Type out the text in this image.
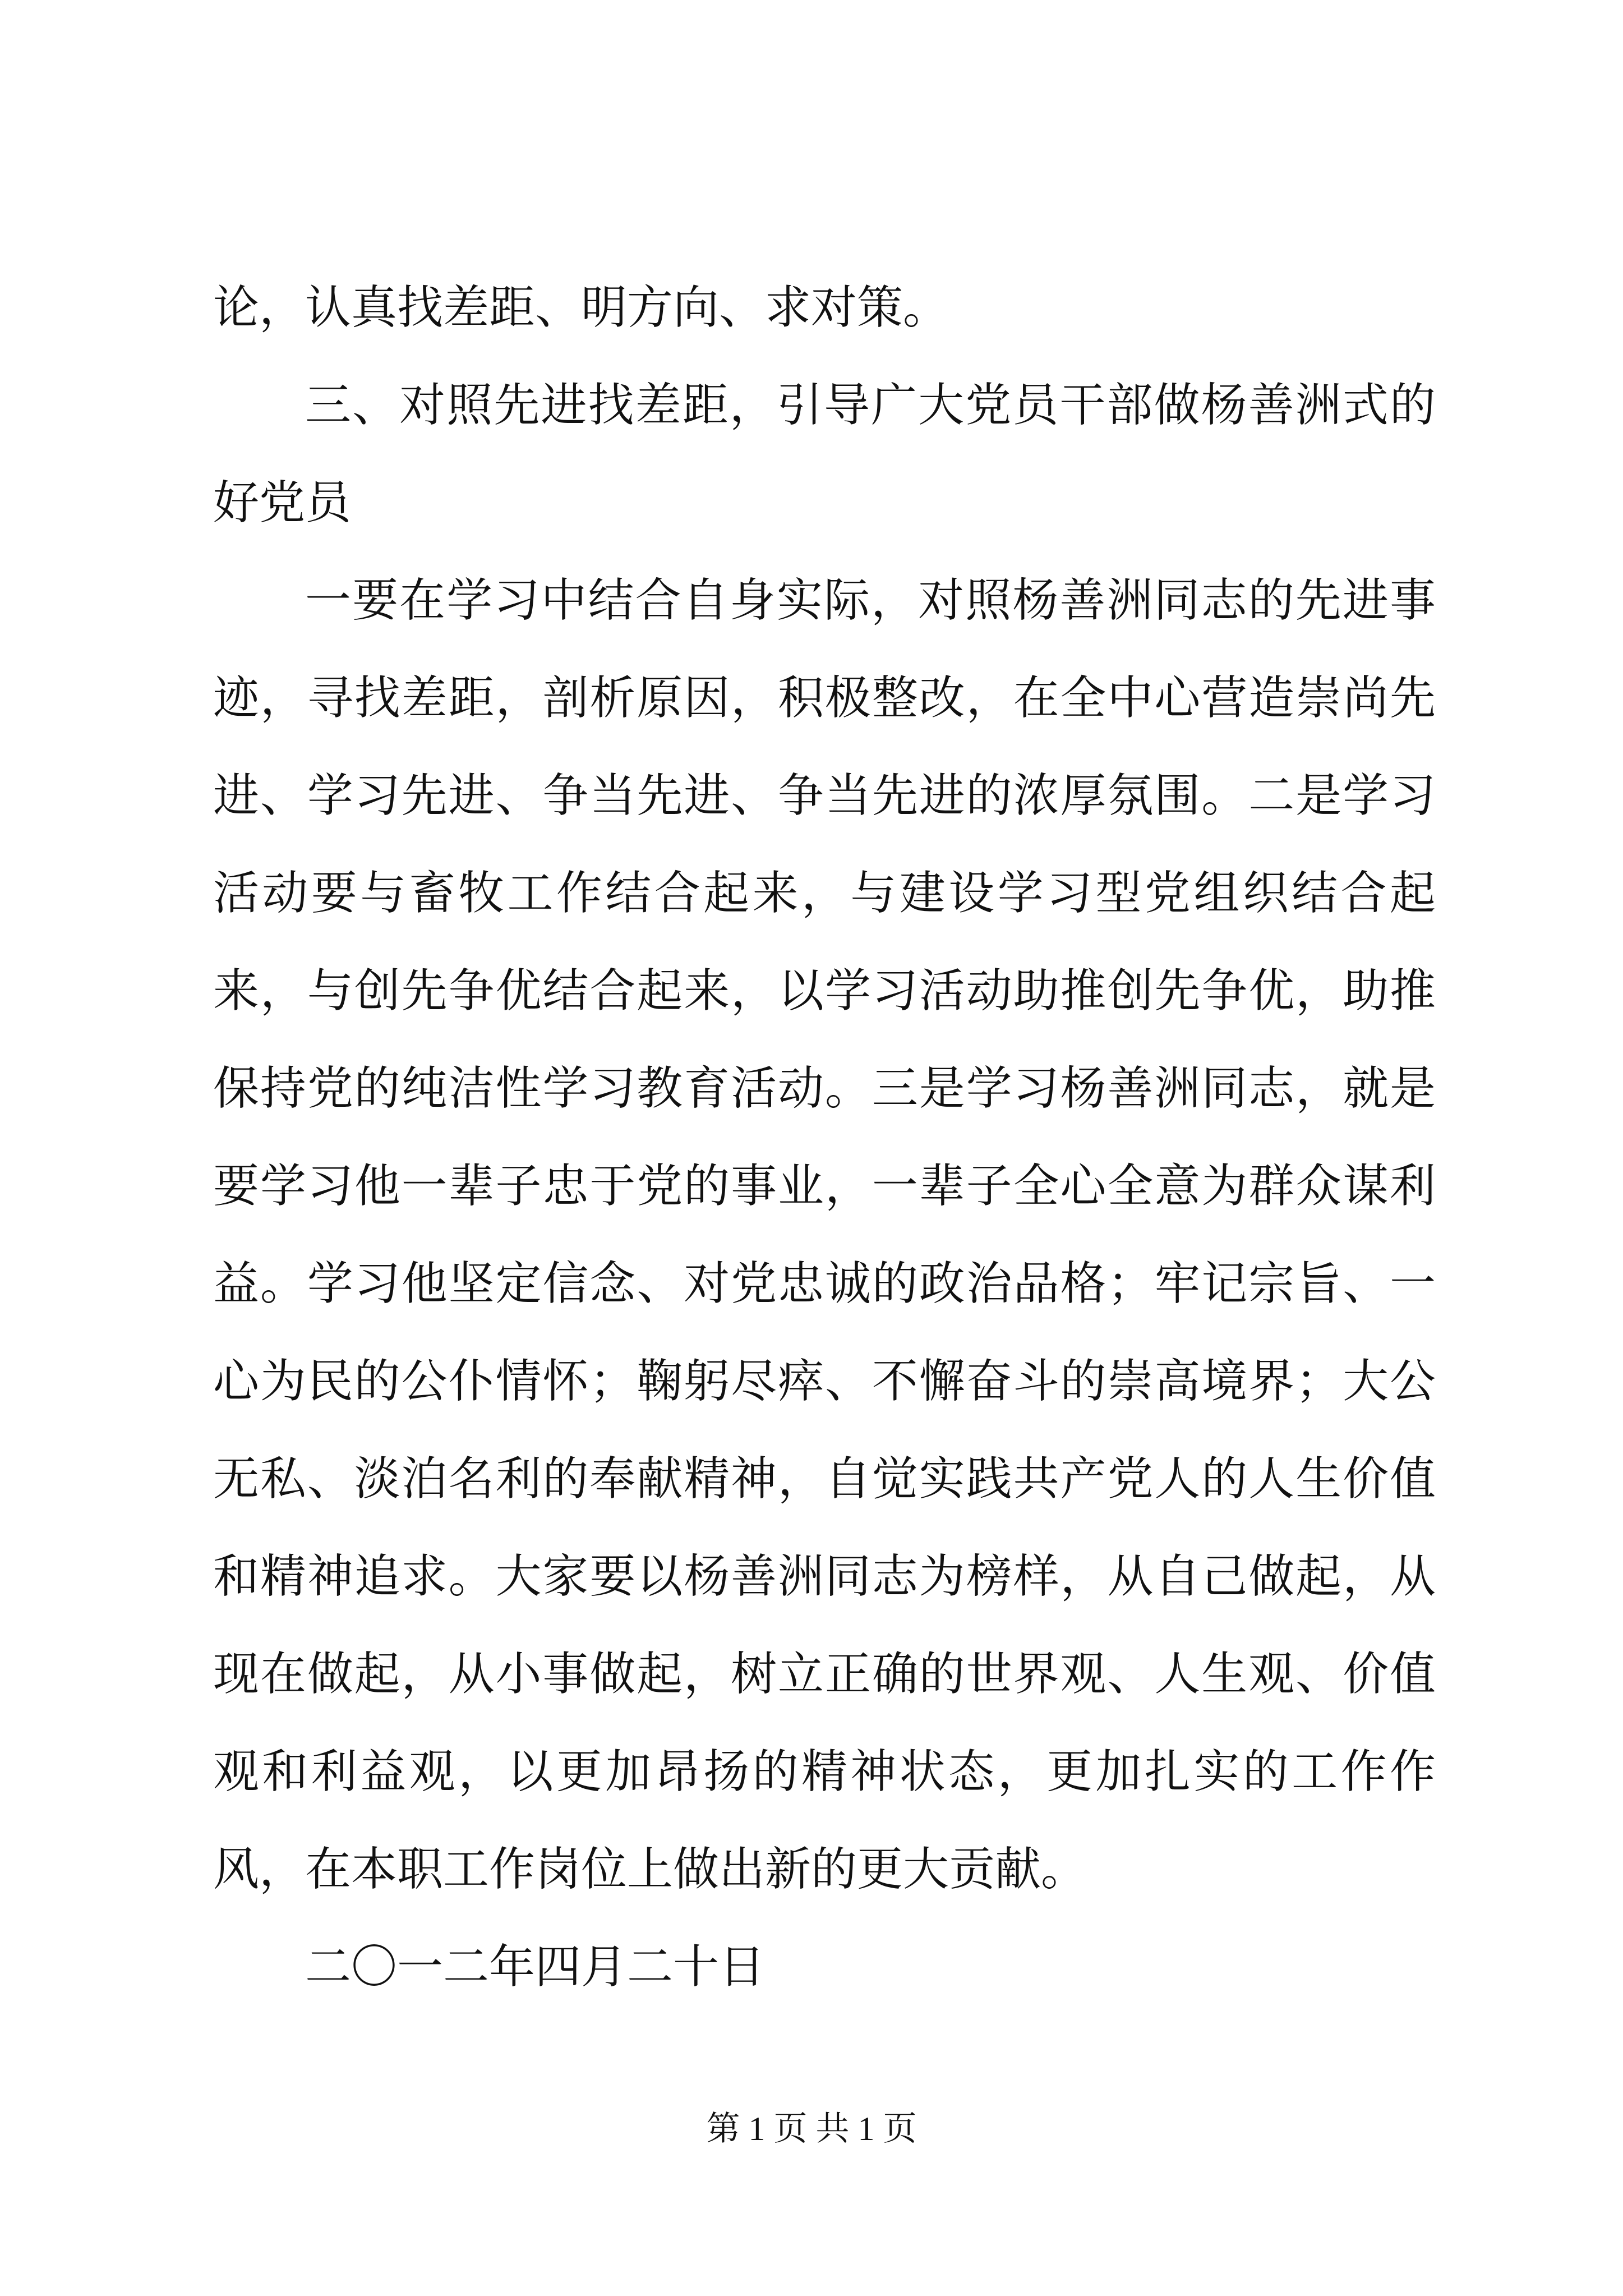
论，认真找差距、明方向、求对策。

三、对照先进找差距，引导广大党员干部做杨善洲式的好党员

一要在学习中结合自身实际，对照杨善洲同志的先进事迹，寻找差距，剖析原因，积极整改，在全中心营造崇尚先进、学习先进、争当先进、争当先进的浓厚氛围。二是学习活动要与畜牧工作结合起来，与建设学习型党组织结合起来，与创先争优结合起来，以学习活动助推创先争优，助推保持党的纯洁性学习教育活动。三是学习杨善洲同志，就是要学习他一辈子忠于党的事业，一辈子全心全意为群众谋利益。学习他坚定信念、对党忠诚的政治品格；牢记宗旨、一心为民的公仆情怀；鞠躬尽瘁、不懈奋斗的崇高境界；大公无私、淡泊名利的奉献精神，自觉实践共产党人的人生价值和精神追求。大家要以杨善洲同志为榜样，从自己做起，从现在做起，从小事做起，树立正确的世界观、人生观、价值观和利益观，以更加昂扬的精神状态，更加扎实的工作作风，在本职工作岗位上做出新的更大贡献。

二〇一二年四月二十日

第 1 页 共 1 页
